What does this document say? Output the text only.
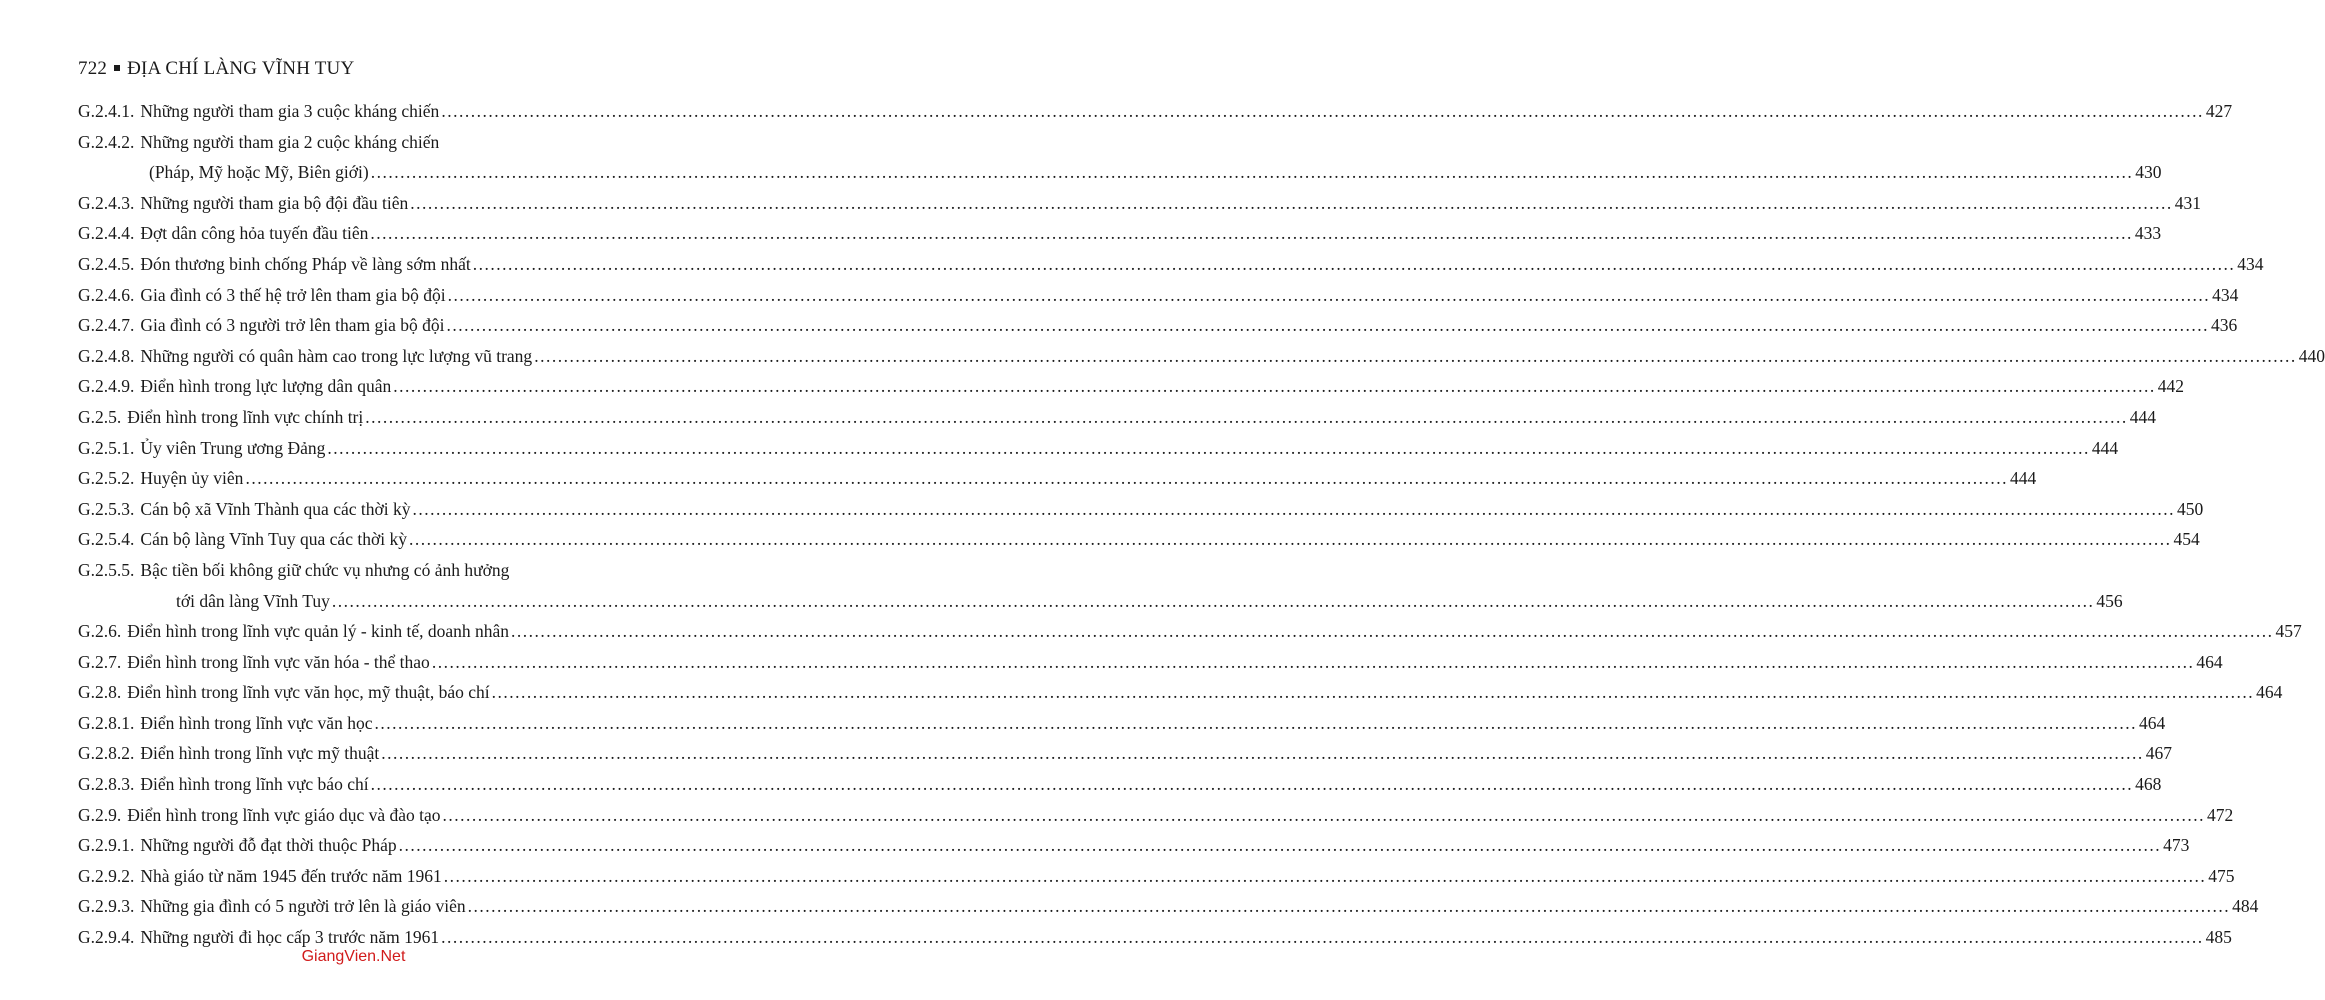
722 ĐỊA CHÍ LÀNG VĨNH TUY
G.2.4.1. Những người tham gia 3 cuộc kháng chiến ............................................................................................................................................................................................................................................................................................................ 427
G.2.4.2. Những người tham gia 2 cuộc kháng chiến
(Pháp, Mỹ hoặc Mỹ, Biên giới) ............................................................................................................................................................................................................................................................................................................ 430
G.2.4.3. Những người tham gia bộ đội đầu tiên ............................................................................................................................................................................................................................................................................................................ 431
G.2.4.4. Đợt dân công hỏa tuyến đầu tiên ............................................................................................................................................................................................................................................................................................................ 433
G.2.4.5. Đón thương binh chống Pháp về làng sớm nhất ............................................................................................................................................................................................................................................................................................................ 434
G.2.4.6. Gia đình có 3 thế hệ trở lên tham gia bộ đội ............................................................................................................................................................................................................................................................................................................ 434
G.2.4.7. Gia đình có 3 người trở lên tham gia bộ đội ............................................................................................................................................................................................................................................................................................................ 436
G.2.4.8. Những người có quân hàm cao trong lực lượng vũ trang ............................................................................................................................................................................................................................................................................................................ 440
G.2.4.9. Điển hình trong lực lượng dân quân ............................................................................................................................................................................................................................................................................................................ 442
G.2.5. Điển hình trong lĩnh vực chính trị ............................................................................................................................................................................................................................................................................................................ 444
G.2.5.1. Ủy viên Trung ương Đảng ............................................................................................................................................................................................................................................................................................................ 444
G.2.5.2. Huyện ủy viên ............................................................................................................................................................................................................................................................................................................ 444
G.2.5.3. Cán bộ xã Vĩnh Thành qua các thời kỳ ............................................................................................................................................................................................................................................................................................................ 450
G.2.5.4. Cán bộ làng Vĩnh Tuy qua các thời kỳ ............................................................................................................................................................................................................................................................................................................ 454
G.2.5.5. Bậc tiền bối không giữ chức vụ nhưng có ảnh hưởng
tới dân làng Vĩnh Tuy ............................................................................................................................................................................................................................................................................................................ 456
G.2.6. Điển hình trong lĩnh vực quản lý - kinh tế, doanh nhân ............................................................................................................................................................................................................................................................................................................ 457
G.2.7. Điển hình trong lĩnh vực văn hóa - thể thao ............................................................................................................................................................................................................................................................................................................ 464
G.2.8. Điển hình trong lĩnh vực văn học, mỹ thuật, báo chí ............................................................................................................................................................................................................................................................................................................ 464
G.2.8.1. Điển hình trong lĩnh vực văn học ............................................................................................................................................................................................................................................................................................................ 464
G.2.8.2. Điển hình trong lĩnh vực mỹ thuật ............................................................................................................................................................................................................................................................................................................ 467
G.2.8.3. Điển hình trong lĩnh vực báo chí ............................................................................................................................................................................................................................................................................................................ 468
G.2.9. Điển hình trong lĩnh vực giáo dục và đào tạo ............................................................................................................................................................................................................................................................................................................ 472
G.2.9.1. Những người đỗ đạt thời thuộc Pháp ............................................................................................................................................................................................................................................................................................................ 473
G.2.9.2. Nhà giáo từ năm 1945 đến trước năm 1961 ............................................................................................................................................................................................................................................................................................................ 475
G.2.9.3. Những gia đình có 5 người trở lên là giáo viên ............................................................................................................................................................................................................................................................................................................ 484
G.2.9.4. Những người đi học cấp 3 trước năm 1961 ............................................................................................................................................................................................................................................................................................................ 485
GiangVien.Net
